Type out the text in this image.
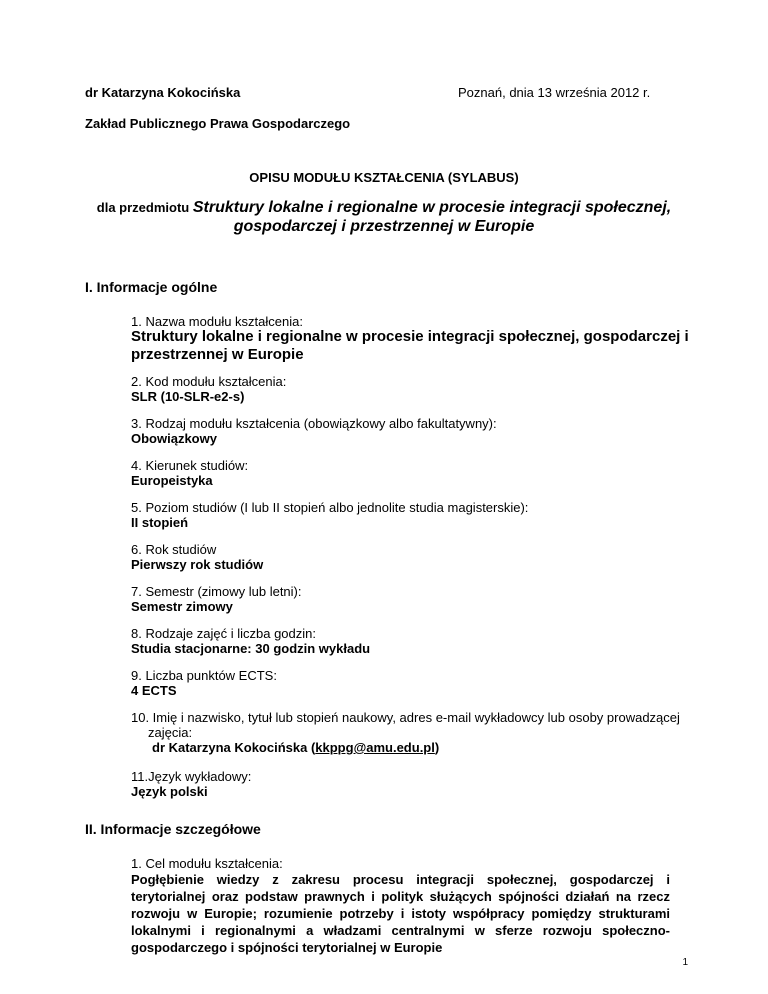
dr Katarzyna Kokocińska	Poznań, dnia 13 września 2012 r.
Zakład Publicznego Prawa Gospodarczego
OPISU MODUŁU KSZTAŁCENIA (SYLABUS)
dla przedmiotu Struktury lokalne i regionalne w procesie integracji społecznej,
gospodarczej i przestrzennej w Europie
I. Informacje ogólne
1. Nazwa modułu kształcenia:
Struktury lokalne i regionalne w procesie integracji społecznej, gospodarczej i
przestrzennej w Europie
2. Kod modułu kształcenia:
SLR (10-SLR-e2-s)
3. Rodzaj modułu kształcenia (obowiązkowy albo fakultatywny):
Obowiązkowy
4. Kierunek studiów:
Europeistyka
5. Poziom studiów (I lub II stopień albo jednolite studia magisterskie):
II stopień
6. Rok studiów
Pierwszy rok studiów
7. Semestr (zimowy lub letni):
Semestr zimowy
8. Rodzaje zajęć i liczba godzin:
Studia stacjonarne: 30 godzin wykładu
9. Liczba punktów ECTS:
4 ECTS
10. Imię i nazwisko, tytuł lub stopień naukowy, adres e-mail wykładowcy lub osoby prowadzącej
zajęcia:
dr Katarzyna Kokocińska (kkppg@amu.edu.pl)
11.Język wykładowy:
Język polski
II. Informacje szczegółowe
1. Cel modułu kształcenia:
Pogłębienie wiedzy z zakresu procesu integracji społecznej, gospodarczej i terytorialnej oraz podstaw prawnych i polityk służących spójności działań na rzecz rozwoju w Europie; rozumienie potrzeby i istoty współpracy pomiędzy strukturami lokalnymi i regionalnymi a władzami centralnymi w sferze rozwoju społeczno-gospodarczego i spójności terytorialnej w Europie
1
